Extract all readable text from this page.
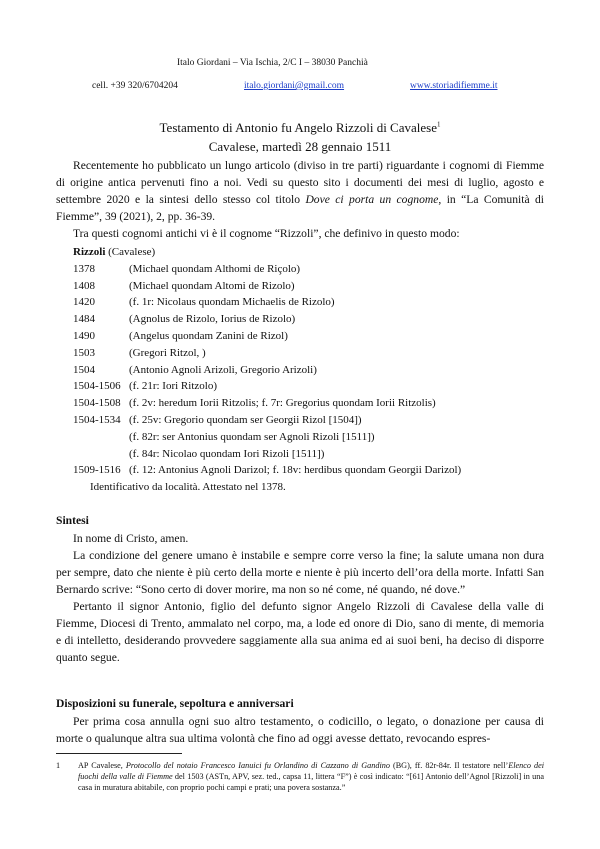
Italo Giordani – Via Ischia, 2/C I – 38030 Panchià
cell. +39 320/6704204	italo.giordani@gmail.com	www.storiadifiemme.it
Testamento di Antonio fu Angelo Rizzoli di Cavalese$^1$
Cavalese, martedì 28 gennaio 1511

Recentemente ho pubblicato un lungo articolo (diviso in tre parti) riguardante i cognomi di Fiemme di origine antica pervenuti fino a noi. Vedi su questo sito i documenti dei mesi di luglio, agosto e settembre 2020 e la sintesi dello stesso col titolo Dove ci porta un cognome, in “La Comunità di Fiemme”, 39 (2021), 2, pp. 36-39.

Tra questi cognomi antichi vi è il cognome “Rizzoli”, che definivo in questo modo:

Rizzoli
(Cavalese)
1378	(Michael quondam Althomi de Riçolo)
1408	(Michael quondam Altomi de Rizolo)
1420	(f. 1r: Nicolaus quondam Michaelis de Rizolo)
1484	(Agnolus de Rizolo, Iorius de Rizolo)
1490	(Angelus quondam Zanini de Rizol)
1503	(Gregori Ritzol, )
1504	(Antonio Agnoli Arizoli, Gregorio Arizoli)
1504-1506 (f. 21r: Iori Ritzolo)
1504-1508 (f. 2v: heredum Iorii Ritzolis; f. 7r: Gregorius quondam Iorii Ritzolis)
1504-1534 (f. 25v: Gregorio quondam ser Georgii Rizol [1504])
(f. 82r: ser Antonius quondam ser Agnoli Rizoli [1511])
(f. 84r: Nicolao quondam Iori Rizoli [1511])
1509-1516 (f. 12: Antonius Agnoli Darizol; f. 18v: herdibus quondam Georgii Darizol)
Identificativo da località. Attestato nel 1378.
Sintesi

In nome di Cristo, amen.

La condizione del genere umano è instabile e sempre corre verso la fine; la salute umana non dura per sempre, dato che niente è più certo della morte e niente è più incerto dell’ora della morte. Infatti San Bernardo scrive: “Sono certo di dover morire, ma non so né come, né quando, né dove.”

Pertanto il signor Antonio, figlio del defunto signor Angelo Rizzoli di Cavalese della valle di Fiemme, Diocesi di Trento, ammalato nel corpo, ma, a lode ed onore di Dio, sano di mente, di memoria e di intelletto, desiderando provvedere saggiamente alla sua anima ed ai suoi beni, ha deciso di disporre quanto segue.

Disposizioni su funerale, sepoltura e anniversari

Per prima cosa annulla ogni suo altro testamento, o codicillo, o legato, o donazione per causa di morte o qualunque altra sua ultima volontà che fino ad oggi avesse dettato, revocando espres-

1	AP Cavalese, Protocollo del notaio Francesco Ianuici fu Orlandino di Cazzano di Gandino (BG), ff. 82r-84r. Il testatore nell’Elenco dei fuochi della valle di Fiemme del 1503 (ASTn, APV, sez. ted., capsa 11, littera “F”) è così indicato: “[61] Antonio dell’Agnol [Rizzoli] in una casa in muratura abitabile, con proprio pochi campi e prati; una povera sostanza.”
